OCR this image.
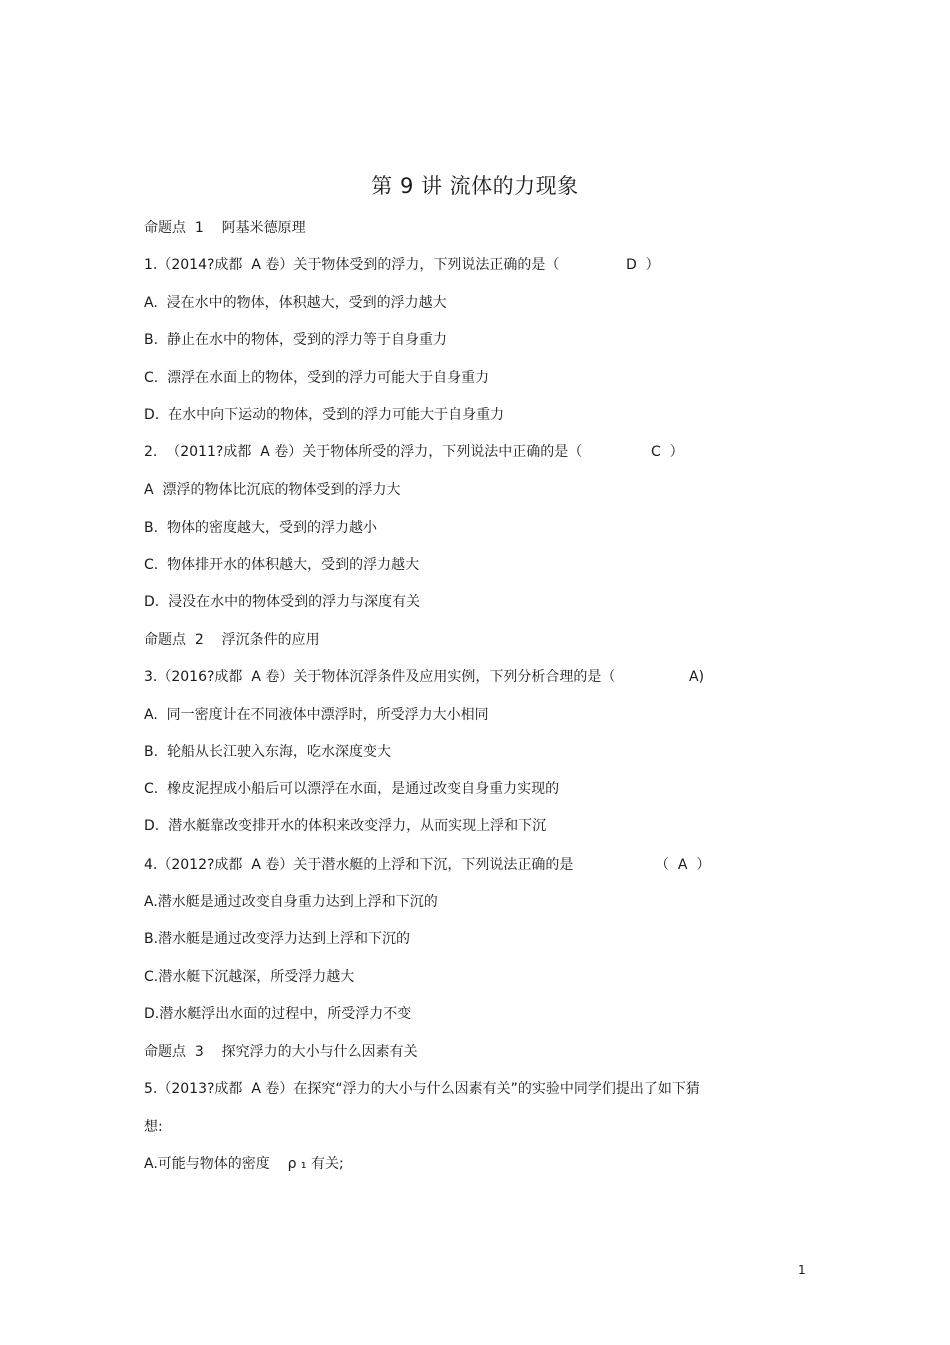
第 9 讲 流体的力现象
命题点  1    阿基米德原理
1.（2014?成都  A 卷）关于物体受到的浮力，下列说法正确的是（	D  ）
A.  浸在水中的物体，体积越大，受到的浮力越大
B.  静止在水中的物体，受到的浮力等于自身重力
C.  漂浮在水面上的物体，受到的浮力可能大于自身重力
D.  在水中向下运动的物体，受到的浮力可能大于自身重力
2.  （2011?成都  A 卷）关于物体所受的浮力，下列说法中正确的是（	C  ）
A  漂浮的物体比沉底的物体受到的浮力大
B.  物体的密度越大，受到的浮力越小
C.  物体排开水的体积越大，受到的浮力越大
D.  浸没在水中的物体受到的浮力与深度有关
命题点  2    浮沉条件的应用
3.（2016?成都  A 卷）关于物体沉浮条件及应用实例，下列分析合理的是（	A)
A.  同一密度计在不同液体中漂浮时，所受浮力大小相同
B.  轮船从长江驶入东海，吃水深度变大
C.  橡皮泥捏成小船后可以漂浮在水面，是通过改变自身重力实现的
D.  潜水艇靠改变排开水的体积来改变浮力，从而实现上浮和下沉
4.（2012?成都  A 卷）关于潜水艇的上浮和下沉，下列说法正确的是	（  A  ）
A.潜水艇是通过改变自身重力达到上浮和下沉的
B.潜水艇是通过改变浮力达到上浮和下沉的
C.潜水艇下沉越深，所受浮力越大
D.潜水艇浮出水面的过程中，所受浮力不变
命题点  3    探究浮力的大小与什么因素有关
5.（2013?成都  A 卷）在探究“浮力的大小与什么因素有关”的实验中同学们提出了如下猜
想:
A.可能与物体的密度    ρ ₁ 有关;
1
